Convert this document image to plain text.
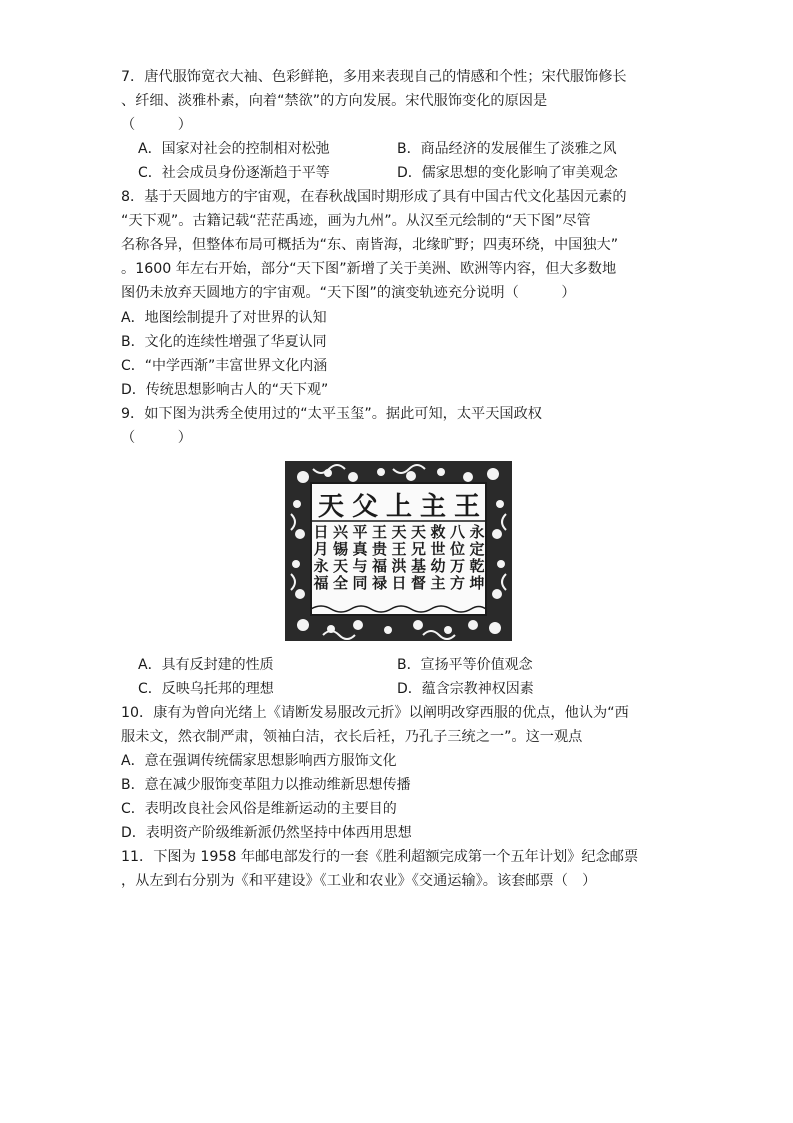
7．唐代服饰宽衣大袖、色彩鲜艳，多用来表现自己的情感和个性；宋代服饰修长
、纤细、淡雅朴素，向着“禁欲”的方向发展。宋代服饰变化的原因是
（　　　）
A．国家对社会的控制相对松弛	B．商品经济的发展催生了淡雅之风
C．社会成员身份逐渐趋于平等	D．儒家思想的变化影响了审美观念
8．基于天圆地方的宇宙观，在春秋战国时期形成了具有中国古代文化基因元素的
“天下观”。古籍记载“茫茫禹迹，画为九州”。从汉至元绘制的“天下图”尽管
名称各异，但整体布局可概括为“东、南皆海，北缘旷野；四夷环绕，中国独大”
。1600 年左右开始，部分“天下图”新增了关于美洲、欧洲等内容，但大多数地
图仍未放弃天圆地方的宇宙观。“天下图”的演变轨迹充分说明（　　　）
A．地图绘制提升了对世界的认知
B．文化的连续性增强了华夏认同
C．“中学西渐”丰富世界文化内涵
D．传统思想影响古人的“天下观”
9．如下图为洪秀全使用过的“太平玉玺”。据此可知，太平天国政权
（　　　）
天 父 上 主 王
永
定
乾
坤
八
位
万
方
救
世
幼
主
天
兄
基
督
天
王
洪
日
王
贵
福
禄
平
真
与
同
兴
锡
天
全
日
月
永
福
A．具有反封建的性质	B．宣扬平等价值观念
C．反映乌托邦的理想	D．蕴含宗教神权因素
10．康有为曾向光绪上《请断发易服改元折》以阐明改穿西服的优点，他认为“西
服未文，然衣制严肃，领袖白洁，衣长后衽，乃孔子三统之一”。这一观点
A．意在强调传统儒家思想影响西方服饰文化
B．意在减少服饰变革阻力以推动维新思想传播
C．表明改良社会风俗是维新运动的主要目的
D．表明资产阶级维新派仍然坚持中体西用思想
11．下图为 1958 年邮电部发行的一套《胜利超额完成第一个五年计划》纪念邮票
，从左到右分别为《和平建设》《工业和农业》《交通运输》。该套邮票（　）
